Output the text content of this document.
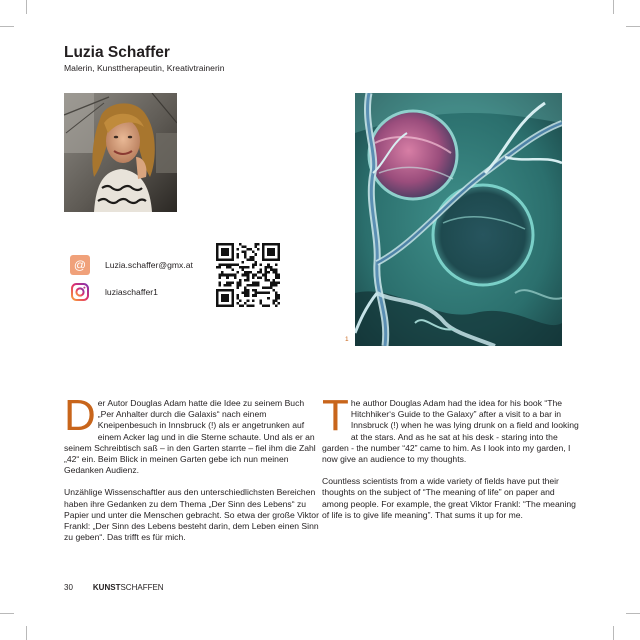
Luzia Schaffer
Malerin, Kunsttherapeutin, Kreativtrainerin
@	Luzia.schaffer@gmx.at
luziaschaffer1
1

Der Autor Douglas Adam hatte die Idee zu seinem Buch „Per Anhalter durch die Galaxis“ nach einem Kneipenbesuch in Innsbruck (!) als er angetrunken auf einem Acker lag und in die Sterne schaute. Und als er an seinem Schreibtisch saß – in den Garten starrte – fiel ihm die Zahl „42“ ein. Beim Blick in meinen Garten gebe ich nun meinen Gedanken Audienz.

Unzählige Wissenschaftler aus den unterschiedlichsten Bereichen haben ihre Gedanken zu dem Thema „Der Sinn des Lebens“ zu Papier und unter die Menschen gebracht. So etwa der große Viktor Frankl: „Der Sinn des Lebens besteht darin, dem Leben einen Sinn zu geben“. Das trifft es für mich.

The author Douglas Adam had the idea for his book “The Hitchhiker‘s Guide to the Galaxy” after a visit to a bar in Innsbruck (!) when he was lying drunk on a field and looking at the stars. And as he sat at his desk - staring into the garden - the number “42” came to him. As I look into my garden, I now give an audience to my thoughts.

Countless scientists from a wide variety of fields have put their thoughts on the subject of “The meaning of life” on paper and among people. For example, the great Viktor Frankl: “The meaning of life is to give life meaning”. That sums it up for me.

30	KUNSTSCHAFFEN
